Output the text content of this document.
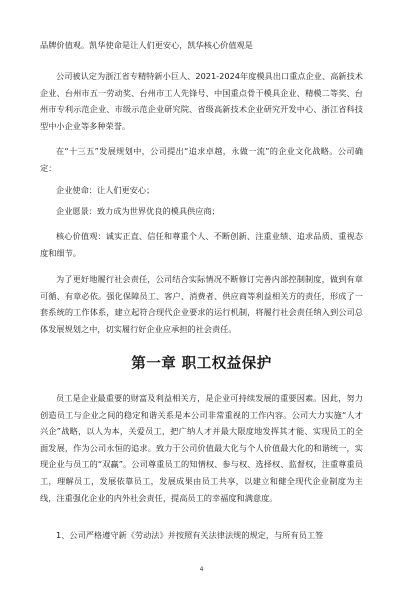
品牌价值观。凯华使命是让人们更安心，凯华核心价值观是

公司被认定为浙江省专精特新小巨人、2021-2024年度模具出口重点企业、高新技术企业、台州市五一劳动奖、台州市工人先锋号、中国重点骨干模具企业、精模二等奖、台州市专利示范企业、市级示范企业研究院、省级高新技术企业研究开发中心、浙江省科技型中小企业等多种荣誉。

在“十三五”发展规划中，公司提出“追求卓越，永做一流”的企业文化战略。公司确定：

企业使命：让人们更安心；

企业愿景：致力成为世界优良的模具供应商；

核心价值观：诚实正直、信任和尊重个人、不断创新、注重业绩、追求品质、重视态度和细节。

为了更好地履行社会责任，公司结合实际情况不断修订完善内部控制制度，做到有章可循、有章必依。强化保障员工、客户、消费者、供应商等利益相关方的责任，形成了一套系统的工作体系，建立起符合现代企业要求的运行机制，将履行社会责任纳入到公司总体发展规划之中，切实履行好企业应承担的社会责任。

第一章 职工权益保护

员工是企业最重要的财富及利益相关方，是企业可持续发展的重要因素。因此，努力创造员工与企业之间的稳定和谐关系是本公司非常重视的工作内容。公司大力实施“人才兴企”战略，以人为本，关爱员工，把广纳人才并最大限度地发挥其才能、实现员工的全面发展，作为公司永恒的追求。致力于公司价值最大化与个人价值最大化的和谐统一，实现企业与员工的“双赢”。公司尊重员工的知情权、参与权、选择权、监督权，注重尊重员工，理解员工，发展依靠员工，发展成果由员工共享，以建立和健全现代企业制度为主线，注重强化企业的内外社会责任，提高员工的幸福度和满意度。

1、公司严格遵守新《劳动法》并按照有关法律法规的规定，与所有员工签

4
